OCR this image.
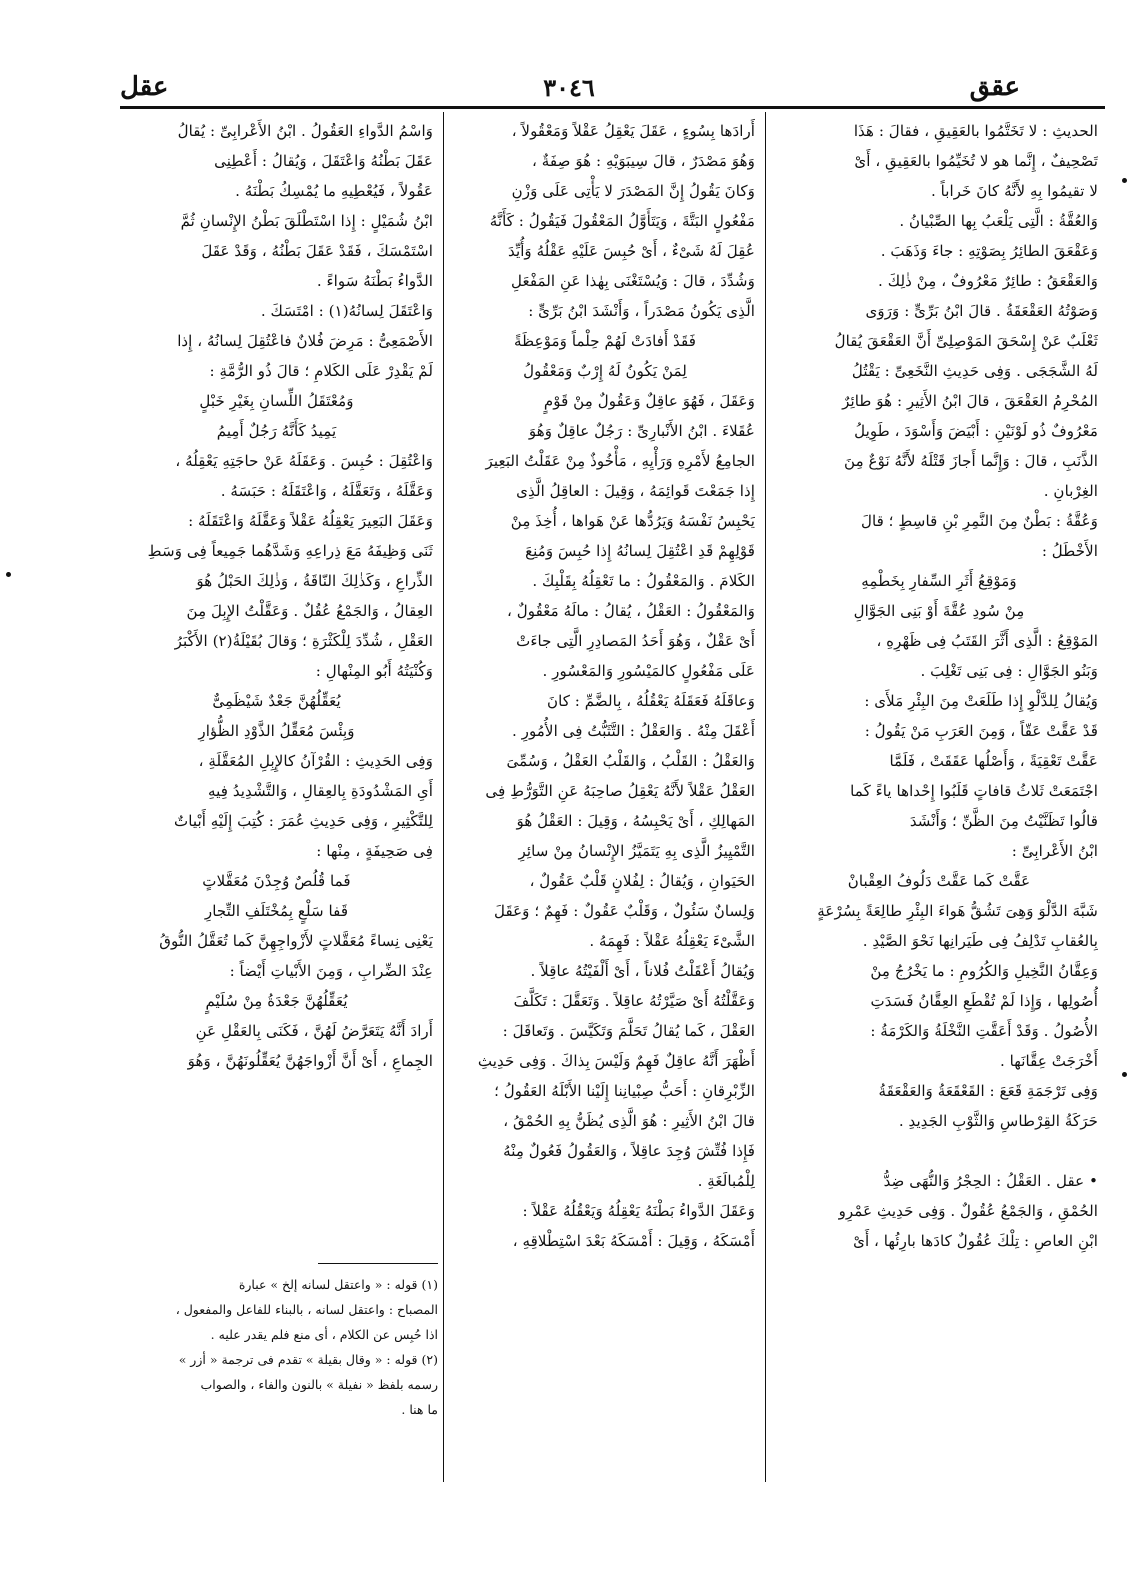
عقل	٣٠٤٦	عقق

الحديثِ : لا تَخَتَّمُوا بالعَقِيقِ ، فقالَ : هَذَا

تَصْحِيفٌ ، إِنَّما هو لا تُخَيِّمُوا بالعَقِيقِ ، أَىْ

لا تقيمُوا بِهِ لأَنَّهُ كانَ خَراباً .

وَالعُقَّةُ : الَّتِى يَلْعَبُ بِها الصِّبْيانُ .

وَعَقْعَقَ الطائِرُ بِصَوْتِهِ : جاءَ وَذَهَبَ .

وَالعَقْعَقُ : طائِرٌ مَعْرُوفٌ ، مِنْ ذٰلِكَ .

وَصَوْتُهُ العَقْعَقَةُ . قالَ ابْنُ بَرِّىٍّ : وَرَوَى

ثَعْلَبٌ عَنْ إِسْحَقَ المَوْصِلِىِّ أَنَّ العَقْعَقَ يُقالُ

لَهُ الشَّجَجَى . وَفِى حَدِيثِ النَّخَعِىِّ : يَقْتُلُ

المُحْرِمُ العَقْعَقَ ، قالَ ابْنُ الأَثِيرِ : هُوَ طائِرٌ

مَعْرُوفٌ ذُو لَوْنَيْنِ : أَبْيَضَ وَأَسْوَدَ ، طَوِيلُ

الذَّنَبِ ، قالَ : وَإِنَّما أَجازَ قَتْلَهُ لأَنَّهُ نَوْعٌ مِنَ

الغِرْبانِ .

وَعُقَّةُ : بَطْنٌ مِنَ النَّمِرِ بْنِ قاسِطٍ ؛ قالَ

الأَخْطَلُ :

وَمَوْقِعُ أَثَرِ السِّفارِ بِخَطْمِهِ

مِنْ سُودِ عُقَّةَ أَوْ بَنِى الجَوَّالِ

المَوْقِعُ : الَّذِى أَثَّرَ القَتَبُ فِى ظَهْرِهِ ،

وَبَنُو الجَوَّالِ : فِى بَنِى تَغْلِبَ .

وَيُقالُ لِلدَّلْوِ إِذا طَلَعَتْ مِنَ البِئْرِ مَلأَى :

قَدْ عَقَّتْ عَقّاً ، وَمِنَ العَرَبِ مَنْ يَقُولُ :

عَقَّتْ تَعْقِيَةً ، وَأَصْلُها عَقَقَتْ ، فَلَمَّا

اجْتَمَعَتْ ثَلاثُ قافاتٍ قَلَبُوا إِحْداها ياءً كَما

قالُوا تَظَنَّيْتُ مِنَ الظَّنِّ ؛ وَأَنْشَدَ

ابْنُ الأَعْرابِىِّ :

عَقَّتْ كَما عَقَّتْ دَلُوفُ العِقْبانْ

شَبَّهَ الدَّلْوَ وَهِىَ تَشُقُّ هَواءَ البِئْرِ طالِعَةً بِسُرْعَةٍ

بِالعُقابِ تَدْلِفُ فِى طَيَرانِها نَحْوَ الصَّيْدِ .

وَعِقَّانُ النَّخِيلِ وَالكُرُومِ : ما يَخْرُجُ مِنْ

أُصُولِها ، وَإِذا لَمْ تُقْطَعِ العِقَّانُ فَسَدَتِ

الأُصُولُ . وَقَدْ أَعَقَّتِ النَّخْلَةُ وَالكَرْمَةُ :

أَخْرَجَتْ عِقَّانَها .

وَفِى تَرْجَمَةِ قَعَعَ : القَعْقَعَةُ وَالعَقْعَقَةُ

حَرَكَةُ القِرْطاسِ وَالثَّوْبِ الجَدِيدِ .

• عقل . العَقْلُ : الحِجْرُ وَالنُّهَى ضِدُّ

الحُمْقِ ، وَالجَمْعُ عُقُولٌ . وَفِى حَدِيثِ عَمْرِو

ابْنِ العاصِ : تِلْكَ عُقُولٌ كادَها بارِئُها ، أَىْ

أَرادَها بِسُوءٍ ، عَقَلَ يَعْقِلُ عَقْلاً وَمَعْقُولاً ،

وَهُوَ مَصْدَرٌ ، قالَ سِيبَوَيْهِ : هُوَ صِفَةٌ ،

وَكانَ يَقُولُ إِنَّ المَصْدَرَ لا يَأْتِى عَلَى وَزْنِ

مَفْعُولٍ البَتَّةَ ، وَيَتَأَوَّلُ المَعْقُولَ فَيَقُولُ : كَأَنَّهُ

عُقِلَ لَهُ شَىْءٌ ، أَىْ حُبِسَ عَلَيْهِ عَقْلُهُ وَأُيِّدَ

وَشُدِّدَ ، قالَ : وَيُسْتَغْنَى بِهٰذا عَنِ المَفْعَلِ

الَّذِى يَكُونُ مَصْدَراً ، وَأَنْشَدَ ابْنُ بَرِّىٍّ :

فَقَدْ أَفادَتْ لَهُمْ حِلْماً وَمَوْعِظَةً

لِمَنْ يَكُونُ لَهُ إِرْبٌ وَمَعْقُولُ

وَعَقَلَ ، فَهُوَ عاقِلٌ وَعَقُولٌ مِنْ قَوْمٍ

عُقَلاءَ . ابْنُ الأَنْبارِىِّ : رَجُلٌ عاقِلٌ وَهُوَ

الجامِعُ لأَمْرِهِ وَرَأْيِهِ ، مَأْخُوذٌ مِنْ عَقَلْتُ البَعِيرَ

إِذا جَمَعْتَ قَوائِمَهُ ، وَقِيلَ : العاقِلُ الَّذِى

يَحْبِسُ نَفْسَهُ وَيَرُدُّها عَنْ هَواها ، أُخِذَ مِنْ

قَوْلِهِمْ قَدِ اعْتُقِلَ لِسانُهُ إِذا حُبِسَ وَمُنِعَ

الكَلامَ . وَالمَعْقُولُ : ما تَعْقِلُهُ بِقَلْبِكَ .

وَالمَعْقُولُ : العَقْلُ ، يُقالُ : مالَهُ مَعْقُولٌ ،

أَىْ عَقْلٌ ، وَهُوَ أَحَدُ المَصادِرِ الَّتِى جاءَتْ

عَلَى مَفْعُولٍ كالمَيْسُورِ وَالمَعْسُورِ .

وَعاقَلَهُ فَعَقَلَهُ يَعْقُلُهُ ، بِالضَّمِّ : كانَ

أَعْقَلَ مِنْهُ . وَالعَقْلُ : التَّثَبُّتُ فِى الأُمُورِ .

وَالعَقْلُ : القَلْبُ ، وَالقَلْبُ العَقْلُ ، وَسُمِّىَ

العَقْلُ عَقْلاً لأَنَّهُ يَعْقِلُ صاحِبَهُ عَنِ التَّوَرُّطِ فِى

المَهالِكِ ، أَىْ يَحْبِسُهُ ، وَقِيلَ : العَقْلُ هُوَ

التَّمْيِيزُ الَّذِى بِهِ يَتَمَيَّزُ الإِنْسانُ مِنْ سائِرِ

الحَيَوانِ ، وَيُقالُ : لِفُلانٍ قَلْبٌ عَقُولٌ ،

وَلِسانٌ سَئُولٌ ، وَقَلْبٌ عَقُولٌ : فَهِمٌ ؛ وَعَقَلَ

الشَّىْءَ يَعْقِلُهُ عَقْلاً : فَهِمَهُ .

وَيُقالُ أَعْقَلْتُ فُلاناً ، أَىْ أَلْفَيْتُهُ عاقِلاً .

وَعَقَّلْتُهُ أَىْ صَيَّرْتُهُ عاقِلاً . وَتَعَقَّلَ : تَكَلَّفَ

العَقْلَ ، كَما يُقالُ تَحَلَّمَ وَتَكَيَّسَ . وَتَعاقَلَ :

أَظْهَرَ أَنَّهُ عاقِلٌ فَهِمٌ وَلَيْسَ بِذاكَ . وَفِى حَدِيثِ

الزِّبْرِقانِ : أَحَبُّ صِبْيانِنا إِلَيْنا الأَبْلَهُ العَقُولُ ؛

قالَ ابْنُ الأَثِيرِ : هُوَ الَّذِى يُظَنُّ بِهِ الحُمْقُ ،

فَإِذا فُتِّشَ وُجِدَ عاقِلاً ، وَالعَقُولُ فَعُولٌ مِنْهُ

لِلْمُبالَغَةِ .

وَعَقَلَ الدَّواءُ بَطْنَهُ يَعْقِلُهُ وَيَعْقُلُهُ عَقْلاً :

أَمْسَكَهُ ، وَقِيلَ : أَمْسَكَهُ بَعْدَ اسْتِطْلاقِهِ ،

وَاسْمُ الدَّواءِ العَقُولُ . ابْنُ الأَعْرابِىِّ : يُقالُ

عَقَلَ بَطْنُهُ وَاعْتَقَلَ ، وَيُقالُ : أَعْطِنِى

عَقُولاً ، فَيُعْطِيهِ ما يُمْسِكُ بَطْنَهُ .

ابْنُ شُمَيْلٍ : إِذا اسْتَطْلَقَ بَطْنُ الإِنْسانِ ثُمَّ

اسْتَمْسَكَ ، فَقَدْ عَقَلَ بَطْنُهُ ، وَقَدْ عَقَلَ

الدَّواءُ بَطْنَهُ سَواءً .

وَاعْتَقَلَ لِسانُهُ(١) : امْتَسَكَ .

الأَصْمَعِىُّ : مَرِضَ فُلانٌ فاعْتُقِلَ لِسانُهُ ، إِذا

لَمْ يَقْدِرْ عَلَى الكَلامِ ؛ قالَ ذُو الرُّمَّةِ :

وَمُعْتَقَلُ اللِّسانِ بِغَيْرِ خَبْلٍ

يَمِيدُ كَأَنَّهُ رَجُلٌ أَمِيمُ

وَاعْتُقِلَ : حُبِسَ . وَعَقَلَهُ عَنْ حاجَتِهِ يَعْقِلُهُ ،

وَعَقَّلَهُ ، وَتَعَقَّلَهُ ، وَاعْتَقَلَهُ : حَبَسَهُ .

وَعَقَلَ البَعِيرَ يَعْقِلُهُ عَقْلاً وَعَقَّلَهُ وَاعْتَقَلَهُ :

ثَنَى وَظِيفَهُ مَعَ ذِراعِهِ وَشَدَّهُما جَمِيعاً فِى وَسَطِ

الذِّراعِ ، وَكَذٰلِكَ النّاقَةُ ، وَذٰلِكَ الحَبْلُ هُوَ

العِقالُ ، وَالجَمْعُ عُقُلٌ . وَعَقَّلْتُ الإِبِلَ مِنَ

العَقْلِ ، شُدِّدَ لِلْكَثْرَةِ ؛ وَقالَ بُقَيْلَةُ(٢) الأَكْبَرُ

وَكُنْيَتُهُ أَبُو المِنْهالِ :

يُعَقِّلُهُنَّ جَعْدٌ شَيْظَمِىٌّ

وَبِئْسَ مُعَقِّلُ الذَّوْدِ الظُّؤارِ

وَفِى الحَدِيثِ : القُرْآنُ كالإِبِلِ المُعَقَّلَةِ ،

أَىِ المَشْدُودَةِ بِالعِقالِ ، وَالتَّشْدِيدُ فِيهِ

لِلتَّكْثِيرِ ، وَفِى حَدِيثِ عُمَرَ : كُتِبَ إِلَيْهِ أَبْياتٌ

فِى صَحِيفَةٍ ، مِنْها :

فَما قُلُصٌ وُجِدْنَ مُعَقَّلاتٍ

قَفا سَلْعٍ بِمُخْتَلَفِ التِّجارِ

يَعْنِى نِساءً مُعَقَّلاتٍ لأَزْواجِهِنَّ كَما تُعَقَّلُ النُّوقُ

عِنْدَ الضِّرابِ ، وَمِنَ الأَبْياتِ أَيْضاً :

يُعَقِّلُهُنَّ جَعْدَةُ مِنْ سُلَيْمٍ

أَرادَ أَنَّهُ يَتَعَرَّضُ لَهُنَّ ، فَكَنَى بِالعَقْلِ عَنِ

الجِماعِ ، أَىْ أَنَّ أَزْواجَهُنَّ يُعَقِّلُونَهُنَّ ، وَهُوَ

(١) قوله : « واعتقل لسانه إلخ » عبارة

المصباح : واعتقل لسانه ، بالبناء للفاعل والمفعول ،

اذا حُبِس عن الكلام ، أى منع فلم يقدر عليه .

(٢) قوله : « وقال بقيلة » تقدم فى ترجمة « أزر »

رسمه بلفظ « نفيلة » بالنون والفاء ، والصواب

ما هنا .
